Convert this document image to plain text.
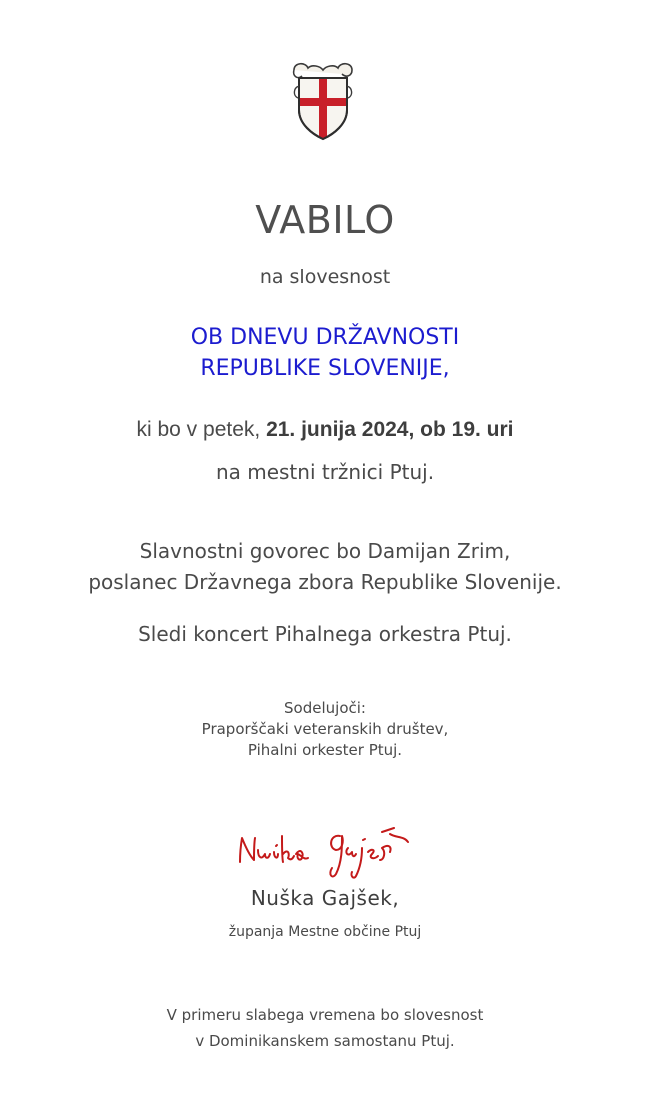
VABILO
na slovesnost
OB DNEVU DRŽAVNOSTI
REPUBLIKE SLOVENIJE,
ki bo v petek, 21. junija 2024, ob 19. uri
na mestni tržnici Ptuj.
Slavnostni govorec bo Damijan Zrim,
poslanec Državnega zbora Republike Slovenije.
Sledi koncert Pihalnega orkestra Ptuj.
Sodelujoči:
Praporščaki veteranskih društev,
Pihalni orkester Ptuj.
Nuška Gajšek,
županja Mestne občine Ptuj
V primeru slabega vremena bo slovesnost
v Dominikanskem samostanu Ptuj.
